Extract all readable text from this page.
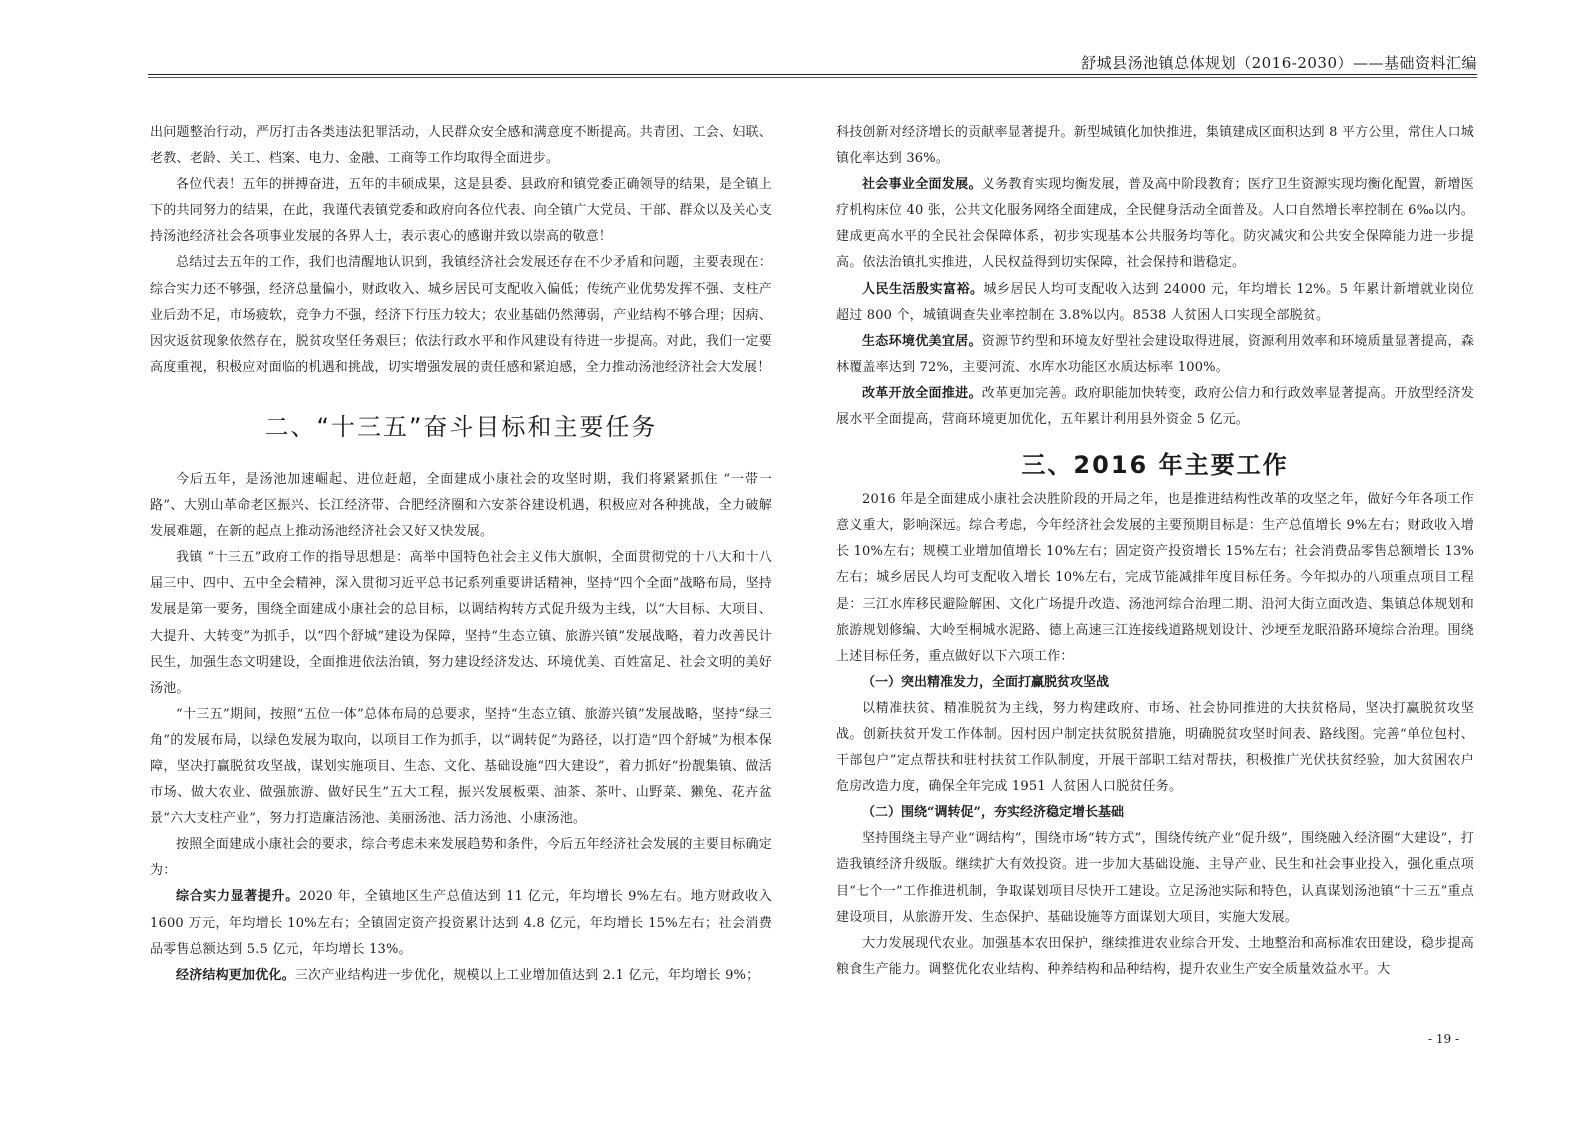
舒城县汤池镇总体规划（2016-2030）——基础资料汇编

出问题整治行动，严厉打击各类违法犯罪活动，人民群众安全感和满意度不断提高。共青团、工会、妇联、老教、老龄、关工、档案、电力、金融、工商等工作均取得全面进步。

各位代表！五年的拼搏奋进，五年的丰硕成果，这是县委、县政府和镇党委正确领导的结果，是全镇上下的共同努力的结果，在此，我谨代表镇党委和政府向各位代表、向全镇广大党员、干部、群众以及关心支持汤池经济社会各项事业发展的各界人士，表示衷心的感谢并致以崇高的敬意！

总结过去五年的工作，我们也清醒地认识到，我镇经济社会发展还存在不少矛盾和问题，主要表现在：综合实力还不够强，经济总量偏小，财政收入、城乡居民可支配收入偏低；传统产业优势发挥不强、支柱产业后劲不足，市场疲软，竞争力不强，经济下行压力较大；农业基础仍然薄弱，产业结构不够合理；因病、因灾返贫现象依然存在，脱贫攻坚任务艰巨；依法行政水平和作风建设有待进一步提高。对此，我们一定要高度重视，积极应对面临的机遇和挑战，切实增强发展的责任感和紧迫感，全力推动汤池经济社会大发展！

二、“十三五”奋斗目标和主要任务

今后五年，是汤池加速崛起、进位赶超，全面建成小康社会的攻坚时期，我们将紧紧抓住 “一带一路”、大别山革命老区振兴、长江经济带、合肥经济圈和六安茶谷建设机遇，积极应对各种挑战，全力破解发展难题，在新的起点上推动汤池经济社会又好又快发展。

我镇 “十三五”政府工作的指导思想是：高举中国特色社会主义伟大旗帜，全面贯彻党的十八大和十八届三中、四中、五中全会精神，深入贯彻习近平总书记系列重要讲话精神，坚持“四个全面”战略布局，坚持发展是第一要务，围绕全面建成小康社会的总目标，以调结构转方式促升级为主线，以“大目标、大项目、大提升、大转变”为抓手，以“四个舒城”建设为保障，坚持“生态立镇、旅游兴镇”发展战略，着力改善民计民生，加强生态文明建设，全面推进依法治镇，努力建设经济发达、环境优美、百姓富足、社会文明的美好汤池。

“十三五”期间，按照“五位一体”总体布局的总要求，坚持“生态立镇、旅游兴镇”发展战略，坚持“绿三角”的发展布局，以绿色发展为取向，以项目工作为抓手，以“调转促”为路径，以打造“四个舒城”为根本保障，坚决打赢脱贫攻坚战，谋划实施项目、生态、文化、基础设施“四大建设”，着力抓好“扮靓集镇、做活市场、做大农业、做强旅游、做好民生”五大工程，振兴发展板栗、油茶、茶叶、山野菜、獭兔、花卉盆景“六大支柱产业”，努力打造廉洁汤池、美丽汤池、活力汤池、小康汤池。

按照全面建成小康社会的要求，综合考虑未来发展趋势和条件，今后五年经济社会发展的主要目标确定为：

综合实力显著提升。2020 年，全镇地区生产总值达到 11 亿元，年均增长 9%左右。地方财政收入 1600 万元，年均增长 10%左右；全镇固定资产投资累计达到 4.8 亿元，年均增长 15%左右；社会消费品零售总额达到 5.5 亿元，年均增长 13%。

经济结构更加优化。三次产业结构进一步优化，规模以上工业增加值达到 2.1 亿元，年均增长 9%；

科技创新对经济增长的贡献率显著提升。新型城镇化加快推进，集镇建成区面积达到 8 平方公里，常住人口城镇化率达到 36%。

社会事业全面发展。义务教育实现均衡发展，普及高中阶段教育；医疗卫生资源实现均衡化配置，新增医疗机构床位 40 张，公共文化服务网络全面建成，全民健身活动全面普及。人口自然增长率控制在 6‰以内。建成更高水平的全民社会保障体系，初步实现基本公共服务均等化。防灾减灾和公共安全保障能力进一步提高。依法治镇扎实推进，人民权益得到切实保障，社会保持和谐稳定。

人民生活殷实富裕。城乡居民人均可支配收入达到 24000 元，年均增长 12%。5 年累计新增就业岗位超过 800 个，城镇调查失业率控制在 3.8%以内。8538 人贫困人口实现全部脱贫。

生态环境优美宜居。资源节约型和环境友好型社会建设取得进展，资源利用效率和环境质量显著提高，森林覆盖率达到 72%，主要河流、水库水功能区水质达标率 100%。

改革开放全面推进。改革更加完善。政府职能加快转变，政府公信力和行政效率显著提高。开放型经济发展水平全面提高，营商环境更加优化，五年累计利用县外资金 5 亿元。

三、2016 年主要工作

2016 年是全面建成小康社会决胜阶段的开局之年，也是推进结构性改革的攻坚之年，做好今年各项工作意义重大，影响深远。综合考虑，今年经济社会发展的主要预期目标是：生产总值增长 9%左右；财政收入增长 10%左右；规模工业增加值增长 10%左右；固定资产投资增长 15%左右；社会消费品零售总额增长 13%左右；城乡居民人均可支配收入增长 10%左右，完成节能减排年度目标任务。今年拟办的八项重点项目工程是：三江水库移民避险解困、文化广场提升改造、汤池河综合治理二期、沿河大街立面改造、集镇总体规划和旅游规划修编、大岭至桐城水泥路、德上高速三江连接线道路规划设计、沙埂至龙眠沿路环境综合治理。围绕上述目标任务，重点做好以下六项工作：

（一）突出精准发力，全面打赢脱贫攻坚战

以精准扶贫、精准脱贫为主线，努力构建政府、市场、社会协同推进的大扶贫格局，坚决打赢脱贫攻坚战。创新扶贫开发工作体制。因村因户制定扶贫脱贫措施，明确脱贫攻坚时间表、路线图。完善“单位包村、干部包户”定点帮扶和驻村扶贫工作队制度，开展干部职工结对帮扶，积极推广光伏扶贫经验，加大贫困农户危房改造力度，确保全年完成 1951 人贫困人口脱贫任务。

（二）围绕“调转促”，夯实经济稳定增长基础

坚持围绕主导产业“调结构”，围绕市场“转方式”，围绕传统产业“促升级”，围绕融入经济圈“大建设”，打造我镇经济升级版。继续扩大有效投资。进一步加大基础设施、主导产业、民生和社会事业投入，强化重点项目“七个一”工作推进机制，争取谋划项目尽快开工建设。立足汤池实际和特色，认真谋划汤池镇“十三五”重点建设项目，从旅游开发、生态保护、基础设施等方面谋划大项目，实施大发展。

大力发展现代农业。加强基本农田保护，继续推进农业综合开发、土地整治和高标准农田建设，稳步提高粮食生产能力。调整优化农业结构、种养结构和品种结构，提升农业生产安全质量效益水平。大

- 19 -
